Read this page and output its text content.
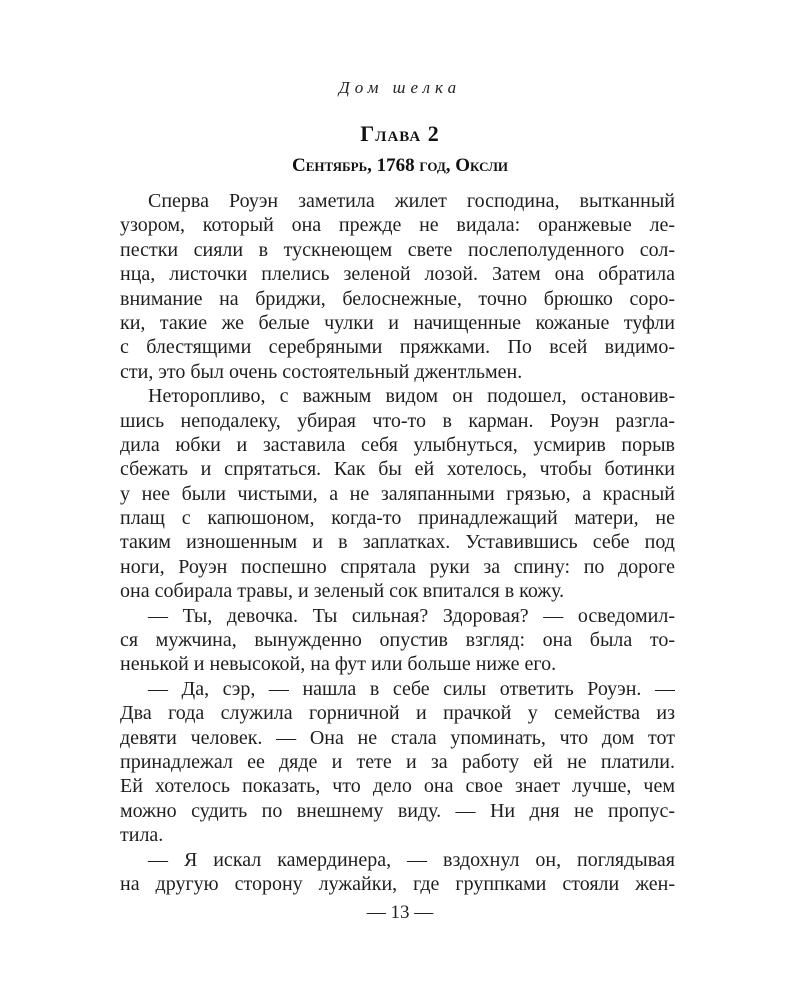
Дом шелка
Глава 2
Сентябрь, 1768 год, Оксли
Сперва Роуэн заметила жилет господина, вытканный
узором, который она прежде не видала: оранжевые ле-
пестки сияли в тускнеющем свете послеполуденного сол-
нца, листочки плелись зеленой лозой. Затем она обратила
внимание на бриджи, белоснежные, точно брюшко соро-
ки, такие же белые чулки и начищенные кожаные туфли
с блестящими серебряными пряжками. По всей видимо-
сти, это был очень состоятельный джентльмен.
Неторопливо, с важным видом он подошел, остановив-
шись неподалеку, убирая что-то в карман. Роуэн разгла-
дила юбки и заставила себя улыбнуться, усмирив порыв
сбежать и спрятаться. Как бы ей хотелось, чтобы ботинки
у нее были чистыми, а не заляпанными грязью, а красный
плащ с капюшоном, когда-то принадлежащий матери, не
таким изношенным и в заплатках. Уставившись себе под
ноги, Роуэн поспешно спрятала руки за спину: по дороге
она собирала травы, и зеленый сок впитался в кожу.
— Ты, девочка. Ты сильная? Здоровая? — осведомил-
ся мужчина, вынужденно опустив взгляд: она была то-
ненькой и невысокой, на фут или больше ниже его.
— Да, сэр, — нашла в себе силы ответить Роуэн. —
Два года служила горничной и прачкой у семейства из
девяти человек. — Она не стала упоминать, что дом тот
принадлежал ее дяде и тете и за работу ей не платили.
Ей хотелось показать, что дело она свое знает лучше, чем
можно судить по внешнему виду. — Ни дня не пропус-
тила.
— Я искал камердинера, — вздохнул он, поглядывая
на другую сторону лужайки, где группками стояли жен-
— 13 —
